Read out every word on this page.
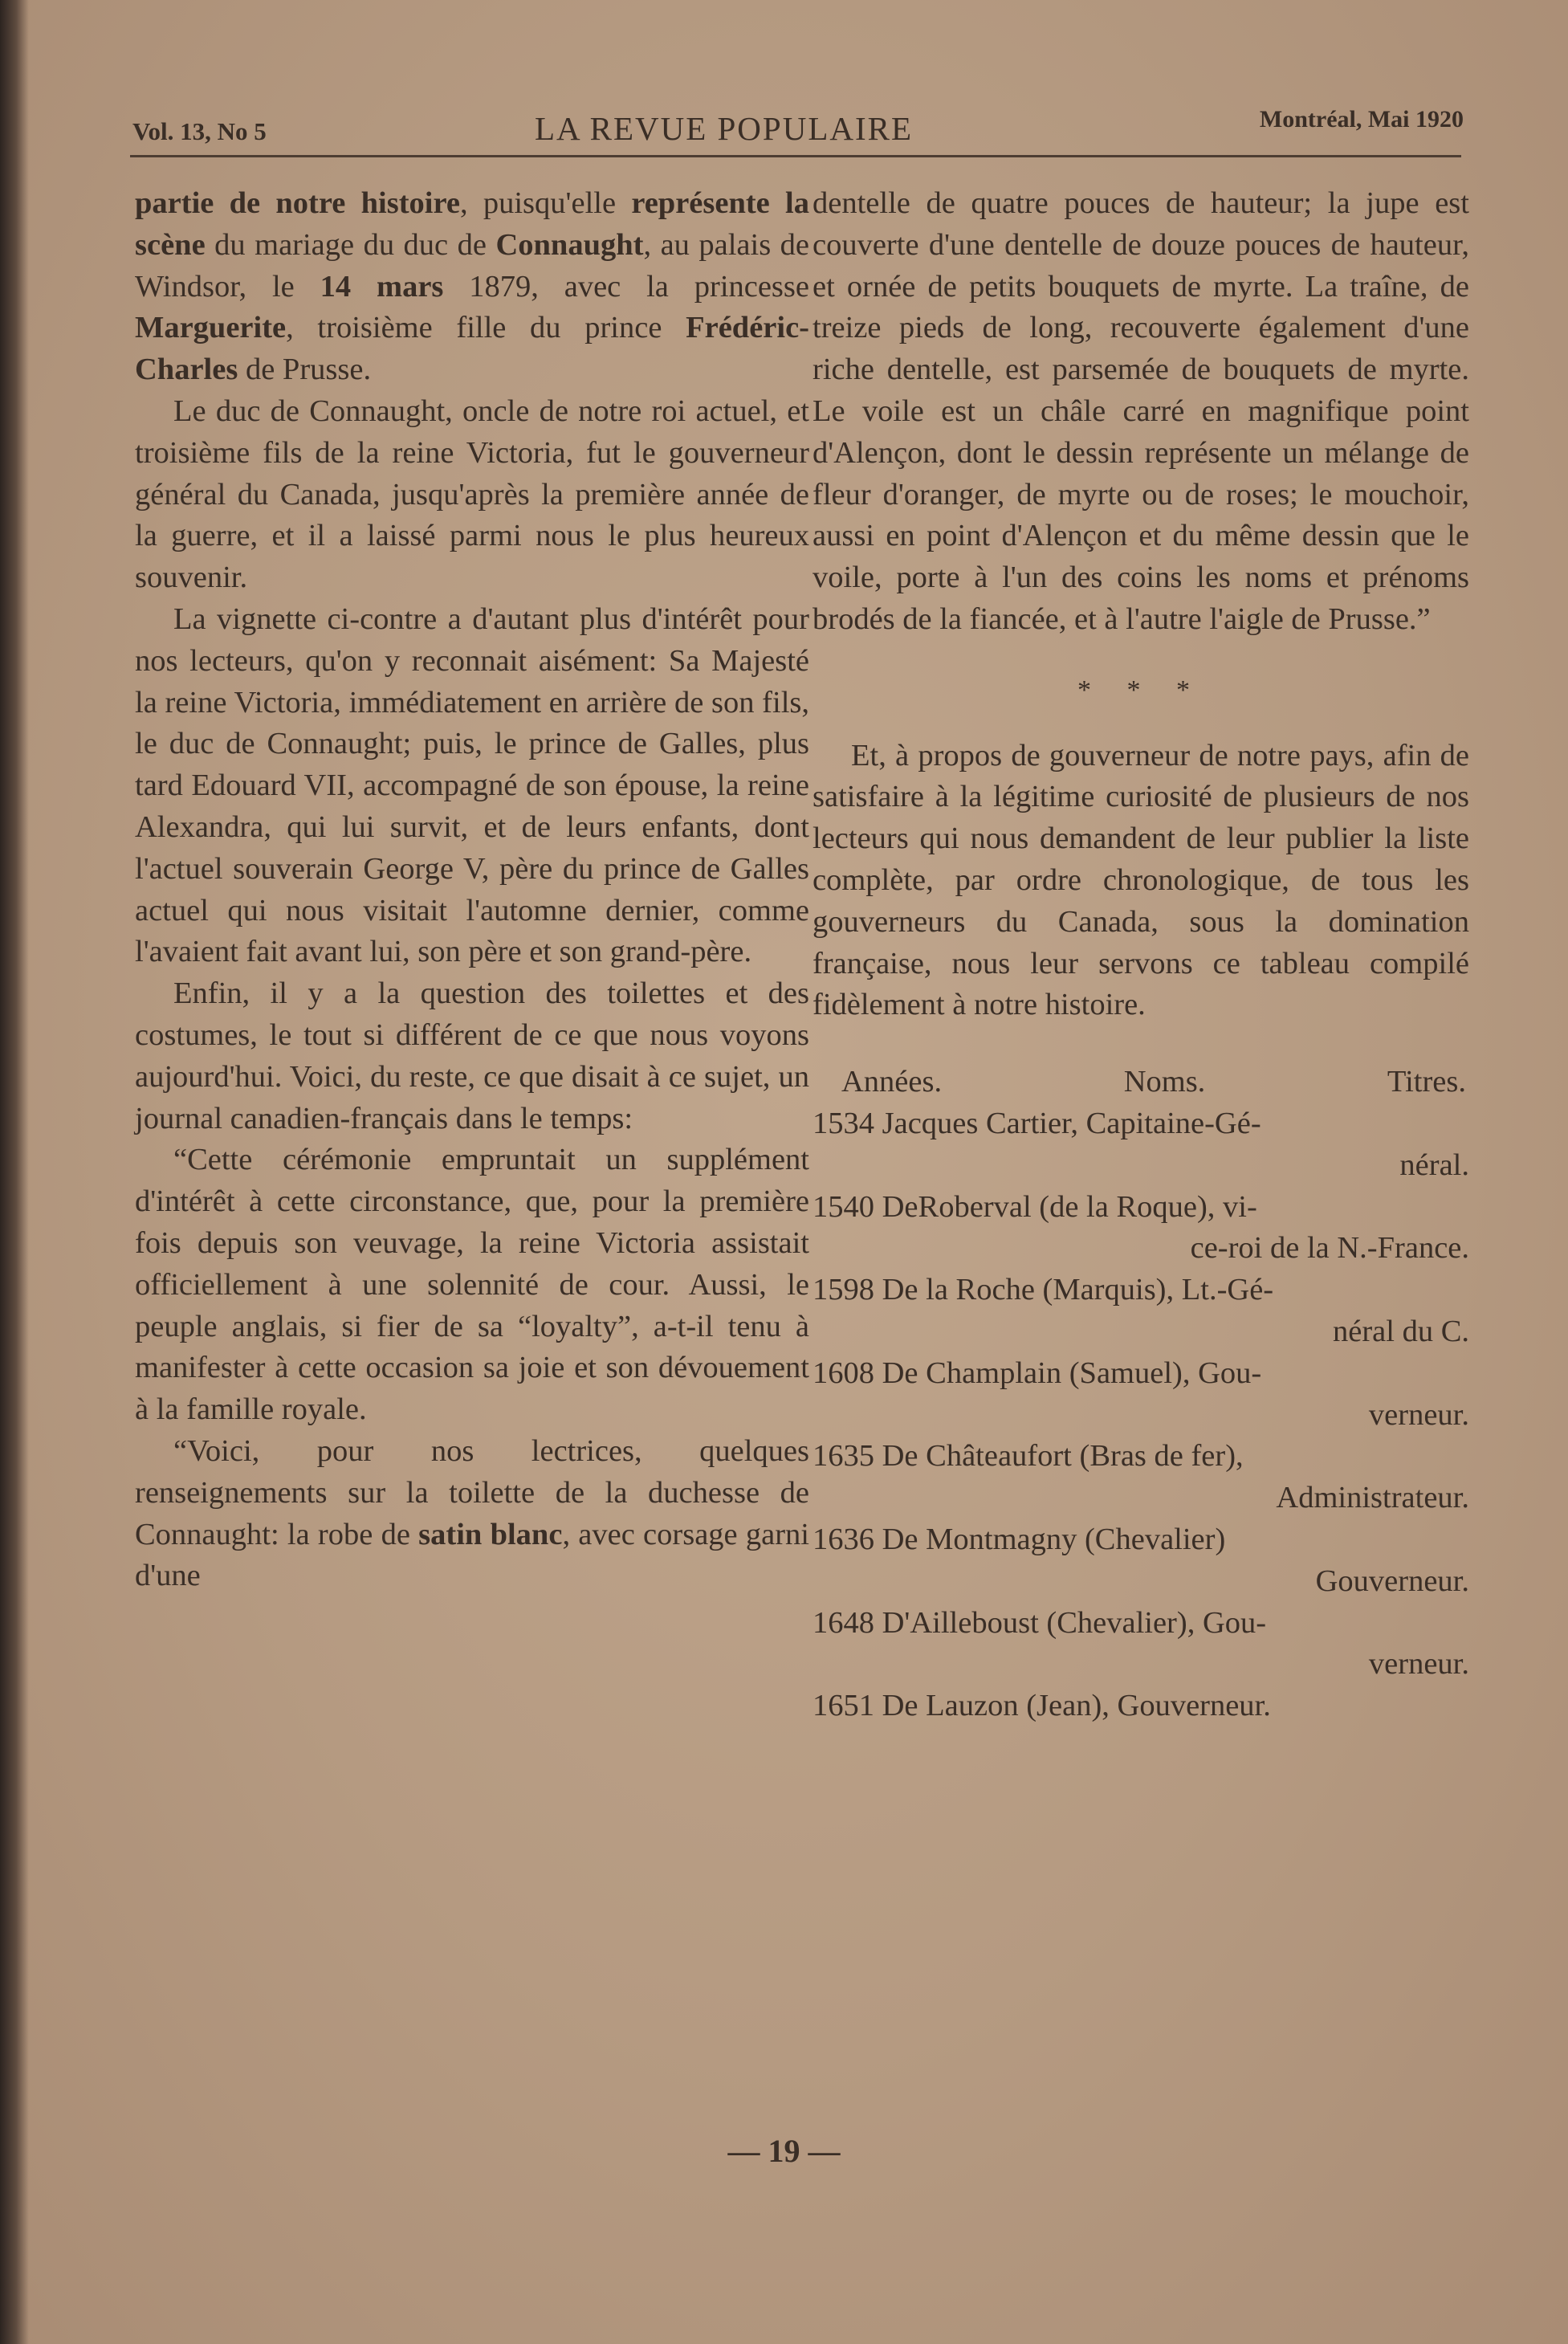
Vol. 13, No 5	LA REVUE POPULAIRE	Montréal, Mai 1920

partie de notre histoire, puisqu'elle représente la scène du mariage du duc de Connaught, au palais de Windsor, le 14 mars 1879, avec la princesse Marguerite, troisième fille du prince Frédéric-Charles de Prusse.

Le duc de Connaught, oncle de notre roi actuel, et troisième fils de la reine Victoria, fut le gouverneur général du Canada, jusqu'après la première année de la guerre, et il a laissé parmi nous le plus heureux souvenir.

La vignette ci-contre a d'autant plus d'intérêt pour nos lecteurs, qu'on y reconnait aisément: Sa Majesté la reine Victoria, immédiatement en arrière de son fils, le duc de Connaught; puis, le prince de Galles, plus tard Edouard VII, accompagné de son épouse, la reine Alexandra, qui lui survit, et de leurs enfants, dont l'actuel souverain George V, père du prince de Galles actuel qui nous visitait l'automne dernier, comme l'avaient fait avant lui, son père et son grand-père.

Enfin, il y a la question des toilettes et des costumes, le tout si différent de ce que nous voyons aujourd'hui. Voici, du reste, ce que disait à ce sujet, un journal canadien-français dans le temps:

“Cette cérémonie empruntait un supplément d'intérêt à cette circonstance, que, pour la première fois depuis son veuvage, la reine Victoria assistait officiellement à une solennité de cour. Aussi, le peuple anglais, si fier de sa “loyalty”, a-t-il tenu à manifester à cette occasion sa joie et son dévouement à la famille royale.

“Voici, pour nos lectrices, quelques renseignements sur la toilette de la duchesse de Connaught: la robe de satin blanc, avec corsage garni d'une

dentelle de quatre pouces de hauteur; la jupe est couverte d'une dentelle de douze pouces de hauteur, et ornée de petits bouquets de myrte. La traîne, de treize pieds de long, recouverte également d'une riche dentelle, est parsemée de bouquets de myrte. Le voile est un châle carré en magnifique point d'Alençon, dont le dessin représente un mélange de fleur d'oranger, de myrte ou de roses; le mouchoir, aussi en point d'Alençon et du même dessin que le voile, porte à l'un des coins les noms et prénoms brodés de la fiancée, et à l'autre l'aigle de Prusse.”

* * *

Et, à propos de gouverneur de notre pays, afin de satisfaire à la légitime curiosité de plusieurs de nos lecteurs qui nous demandent de leur publier la liste complète, par ordre chronologique, de tous les gouverneurs du Canada, sous la domination française, nous leur servons ce tableau compilé fidèlement à notre histoire.

Années.	Noms.	Titres.
1534 Jacques Cartier, Capitaine-Gé-
néral.
1540 DeRoberval (de la Roque), vi-
ce-roi de la N.-France.
1598 De la Roche (Marquis), Lt.-Gé-
néral du C.
1608 De Champlain (Samuel), Gou-
verneur.
1635 De Châteaufort (Bras de fer),
Administrateur.
1636 De Montmagny (Chevalier)
Gouverneur.
1648 D'Ailleboust (Chevalier), Gou-
verneur.
1651 De Lauzon (Jean), Gouverneur.
— 19 —
